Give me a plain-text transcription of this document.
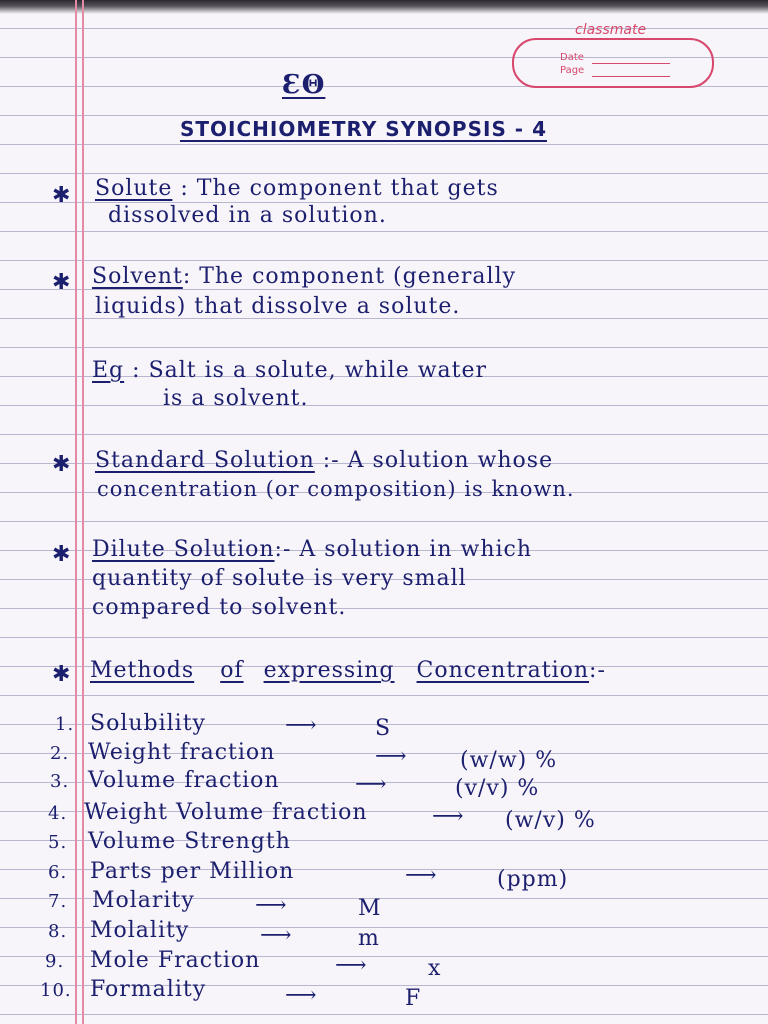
classmate
Date
Page
ƐΘ
STOICHIOMETRY SYNOPSIS - 4
✱ Solute : The component that gets
dissolved in a solution.
✱ Solvent: The component (generally
liquids) that dissolve a solute.
Eg : Salt is a solute, while water
is a solvent.
✱ Standard Solution :- A solution whose
concentration (or composition) is known.
✱ Dilute Solution:- A solution in which
quantity of solute is very small
compared to solvent.
✱ Methods of expressing Concentration:-
1. Solubility	⟶	S
2. Weight fraction	⟶ (w/w) %
3. Volume fraction	⟶	(v/v) %
4. Weight Volume fraction	⟶ (w/v) %
5. Volume Strength
6. Parts per Million	⟶	(ppm)
7. Molarity	⟶	M
8. Molality	⟶	m
9. Mole Fraction	⟶	x
10. Formality	⟶	F
